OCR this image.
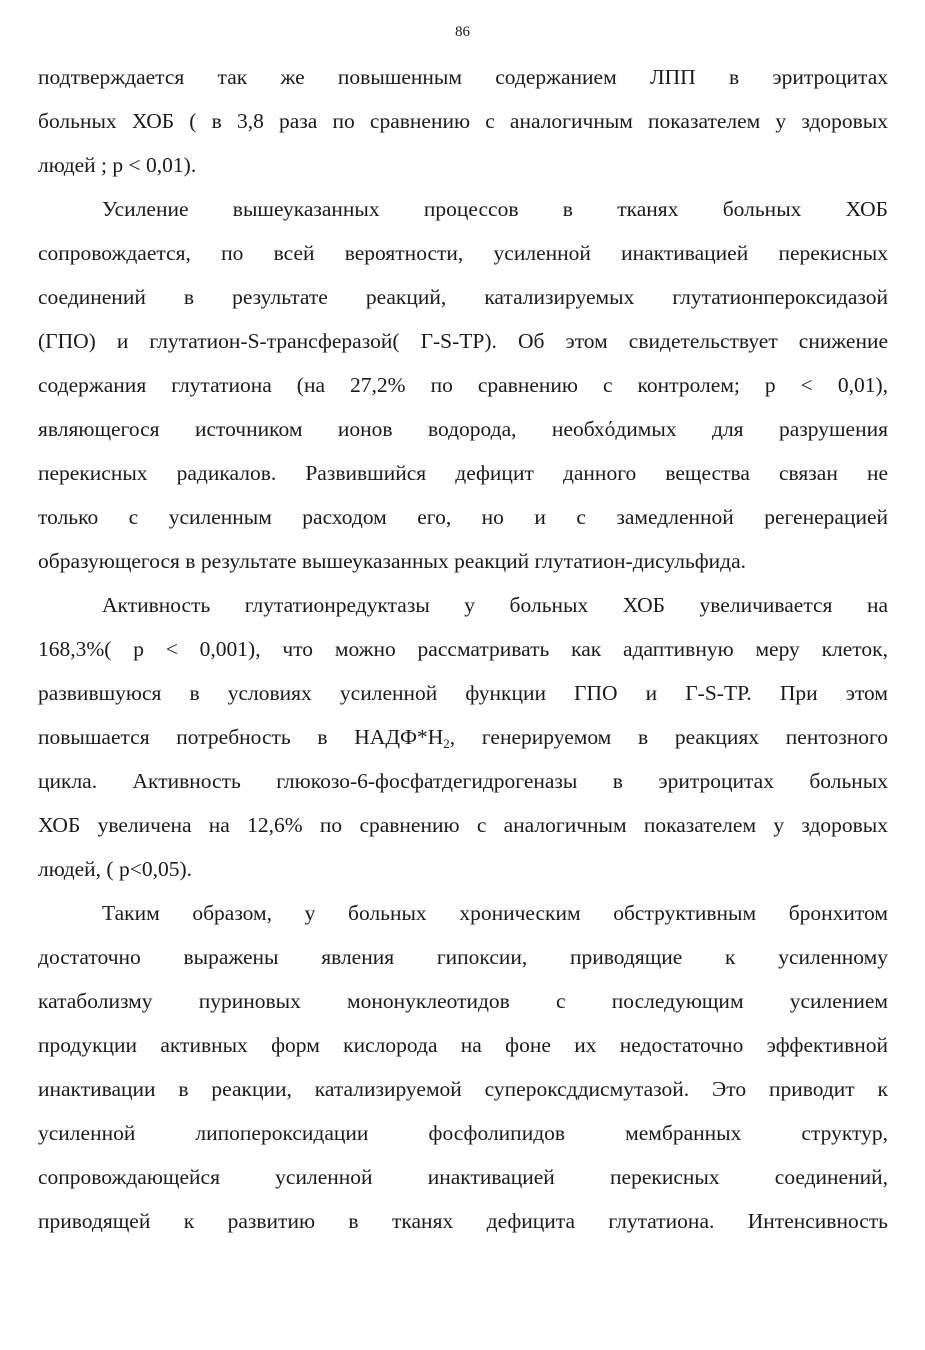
86
подтверждается так же повышенным содержанием ЛПП в эритроцитах
больных ХОБ ( в 3,8 раза по сравнению с аналогичным показателем у здоровых
людей ; p < 0,01).
Усиление вышеуказанных процессов в тканях больных ХОБ
сопровождается, по всей вероятности, усиленной инактивацией перекисных
соединений в результате реакций, катализируемых глутатионпероксидазой
(ГПО) и глутатион-S-трансферазой( Г-S-ТР). Об этом свидетельствует снижение
содержания глутатиона (на 27,2% по сравнению с контролем; p < 0,01),
являющегося источником ионов водорода, необхόдимых для разрушения
перекисных радикалов. Развившийся дефицит данного вещества связан не
только с усиленным расходом его, но и с замедленной регенерацией
образующегося в результате вышеуказанных реакций глутатион-дисульфида.
Активность глутатионредуктазы у больных ХОБ увеличивается на
168,3%( p < 0,001), что можно рассматривать как адаптивную меру клеток,
развившуюся в условиях усиленной функции ГПО и Г-S-ТР. При этом
повышается потребность в $НАДФ*Н_2$, генерируемом в реакциях пентозного
цикла. Активность глюкозо-6-фосфатдегидрогеназы в эритроцитах больных
ХОБ увеличена на 12,6% по сравнению с аналогичным показателем у здоровых
людей, ( p<0,05).
Таким образом, у больных хроническим обструктивным бронхитом
достаточно выражены явления гипоксии, приводящие к усиленному
катаболизму пуриновых мононуклеотидов с последующим усилением
продукции активных форм кислорода на фоне их недостаточно эффективной
инактивации в реакции, катализируемой супероксддисмутазой. Это приводит к
усиленной липопероксидации фосфолипидов мембранных структур,
сопровождающейся усиленной инактивацией перекисных соединений,
приводящей к развитию в тканях дефицита глутатиона. Интенсивность
